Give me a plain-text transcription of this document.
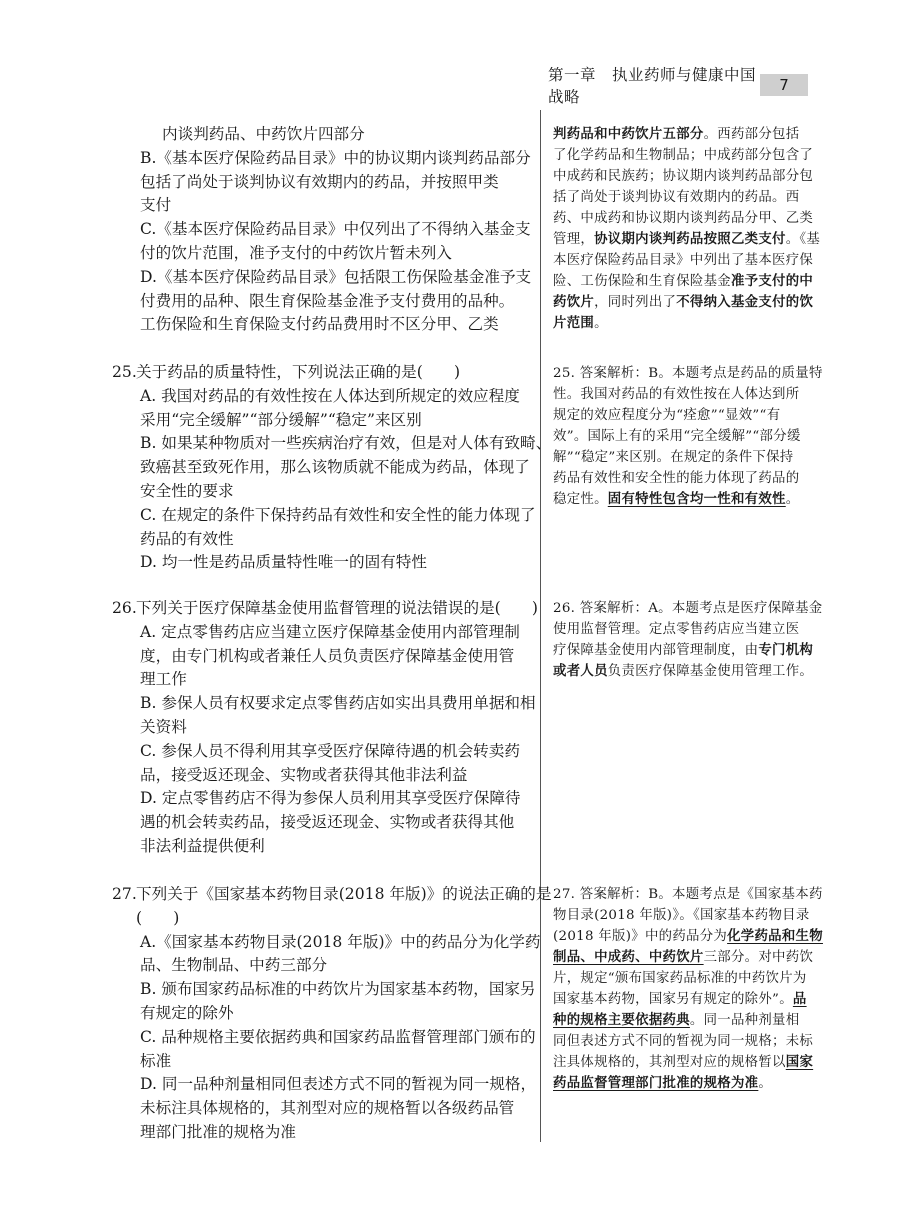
第一章　执业药师与健康中国战略
7
内谈判药品、中药饮片四部分
B.《基本医疗保险药品目录》中的协议期内谈判药品部分
包括了尚处于谈判协议有效期内的药品，并按照甲类
支付
C.《基本医疗保险药品目录》中仅列出了不得纳入基金支
付的饮片范围，准予支付的中药饮片暂未列入
D.《基本医疗保险药品目录》包括限工伤保险基金准予支
付费用的品种、限生育保险基金准予支付费用的品种。
工伤保险和生育保险支付药品费用时不区分甲、乙类
判药品和中药饮片五部分。西药部分包括
了化学药品和生物制品；中成药部分包含了
中成药和民族药；协议期内谈判药品部分包
括了尚处于谈判协议有效期内的药品。西
药、中成药和协议期内谈判药品分甲、乙类
管理，协议期内谈判药品按照乙类支付。《基
本医疗保险药品目录》中列出了基本医疗保
险、工伤保险和生育保险基金准予支付的中
药饮片，同时列出了不得纳入基金支付的饮
片范围。
25.关于药品的质量特性，下列说法正确的是(　　)
A. 我国对药品的有效性按在人体达到所规定的效应程度
采用“完全缓解”“部分缓解”“稳定”来区别
B. 如果某种物质对一些疾病治疗有效，但是对人体有致畸、
致癌甚至致死作用，那么该物质就不能成为药品，体现了
安全性的要求
C. 在规定的条件下保持药品有效性和安全性的能力体现了
药品的有效性
D. 均一性是药品质量特性唯一的固有特性
25. 答案解析：B。本题考点是药品的质量特
性。我国对药品的有效性按在人体达到所
规定的效应程度分为“痊愈”“显效”“有
效”。国际上有的采用“完全缓解”“部分缓
解”“稳定”来区别。在规定的条件下保持
药品有效性和安全性的能力体现了药品的
稳定性。固有特性包含均一性和有效性。
26.下列关于医疗保障基金使用监督管理的说法错误的是(　　)
A. 定点零售药店应当建立医疗保障基金使用内部管理制
度，由专门机构或者兼任人员负责医疗保障基金使用管
理工作
B. 参保人员有权要求定点零售药店如实出具费用单据和相
关资料
C. 参保人员不得利用其享受医疗保障待遇的机会转卖药
品，接受返还现金、实物或者获得其他非法利益
D. 定点零售药店不得为参保人员利用其享受医疗保障待
遇的机会转卖药品，接受返还现金、实物或者获得其他
非法利益提供便利
26. 答案解析：A。本题考点是医疗保障基金
使用监督管理。定点零售药店应当建立医
疗保障基金使用内部管理制度，由专门机构
或者人员负责医疗保障基金使用管理工作。
27.下列关于《国家基本药物目录(2018 年版)》的说法正确的是
(　　)
A.《国家基本药物目录(2018 年版)》中的药品分为化学药
品、生物制品、中药三部分
B. 颁布国家药品标准的中药饮片为国家基本药物，国家另
有规定的除外
C. 品种规格主要依据药典和国家药品监督管理部门颁布的
标准
D. 同一品种剂量相同但表述方式不同的暂视为同一规格，
未标注具体规格的，其剂型对应的规格暂以各级药品管
理部门批准的规格为准
27. 答案解析：B。本题考点是《国家基本药
物目录(2018 年版)》。《国家基本药物目录
(2018 年版)》中的药品分为化学药品和生物
制品、中成药、中药饮片三部分。对中药饮
片，规定“颁布国家药品标准的中药饮片为
国家基本药物，国家另有规定的除外”。品
种的规格主要依据药典。同一品种剂量相
同但表述方式不同的暂视为同一规格；未标
注具体规格的，其剂型对应的规格暂以国家
药品监督管理部门批准的规格为准。
